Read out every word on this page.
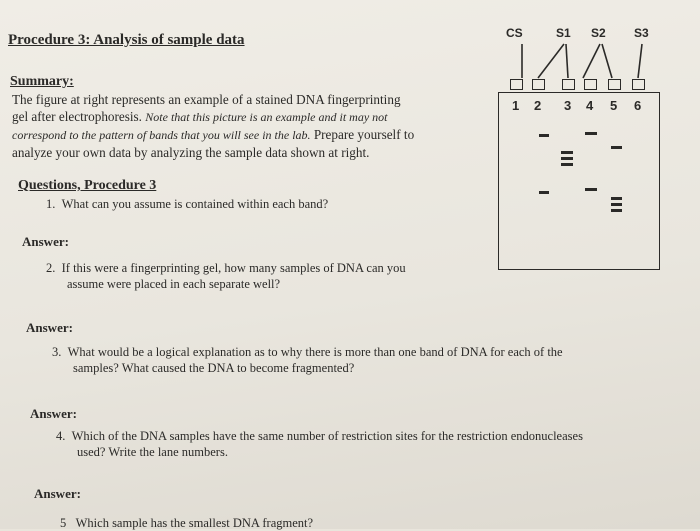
Procedure 3: Analysis of sample data
Summary:
The figure at right represents an example of a stained DNA fingerprinting
gel after electrophoresis. Note that this picture is an example and it may not
correspond to the pattern of bands that you will see in the lab. Prepare yourself to
analyze your own data by analyzing the sample data shown at right.
Questions, Procedure 3
1. What can you assume is contained within each band?
Answer:
2. If this were a fingerprinting gel, how many samples of DNA can you
assume were placed in each separate well?
Answer:
3. What would be a logical explanation as to why there is more than one band of DNA for each of the
samples? What caused the DNA to become fragmented?
Answer:
4. Which of the DNA samples have the same number of restriction sites for the restriction endonucleases
used? Write the lane numbers.
Answer:
5 Which sample has the smallest DNA fragment?
CS	S1 S2 S3
1 2 3 4 5 6
